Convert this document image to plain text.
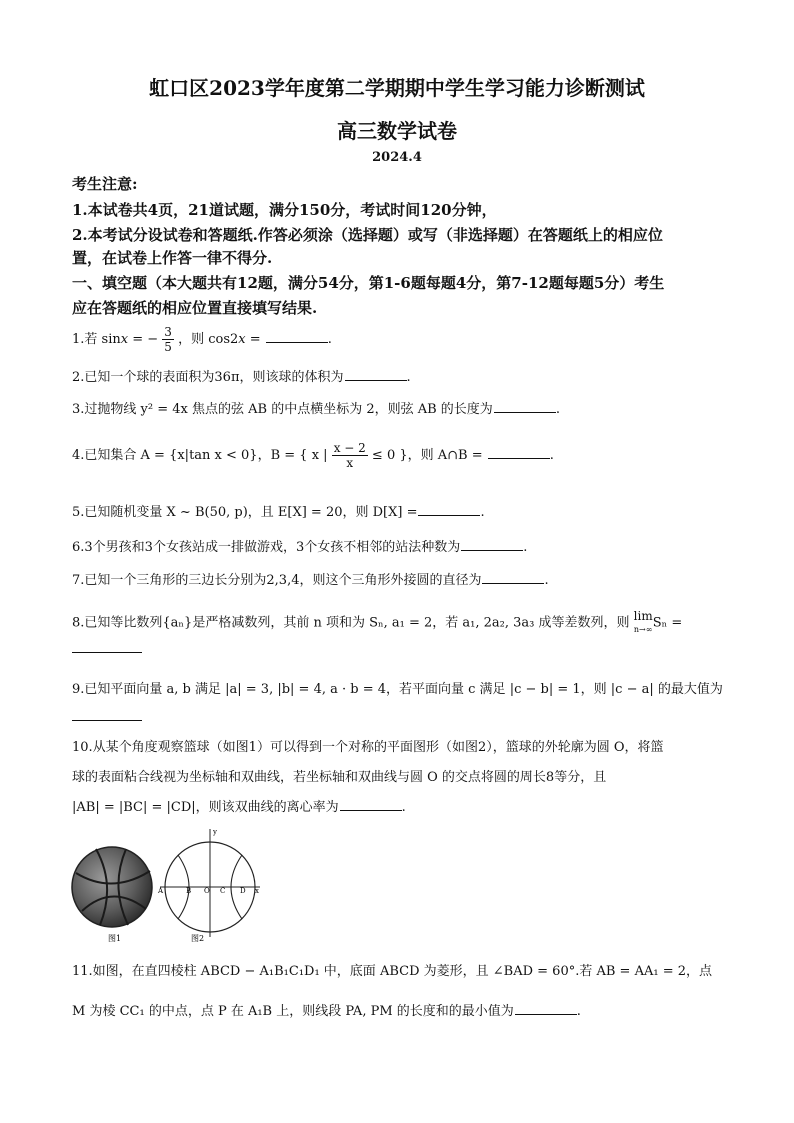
虹口区2023学年度第二学期期中学生学习能力诊断测试
高三数学试卷
2024.4
考生注意:
1.本试卷共4页，21道试题，满分150分，考试时间120分钟，
2.本考试分设试卷和答题纸.作答必须涂（选择题）或写（非选择题）在答题纸上的相应位
置，在试卷上作答一律不得分.
一、填空题（本大题共有12题，满分54分，第1-6题每题4分，第7-12题每题5分）考生
应在答题纸的相应位置直接填写结果.
1.若 sinx = − $\frac{3}{5}$ ，则 cos2x =	.
2.已知一个球的表面积为36π，则该球的体积为	.
3.过抛物线 y² = 4x 焦点的弦 AB 的中点横坐标为 2，则弦 AB 的长度为	.
4.已知集合 A = {x|tan x < 0}，B = { x | $\frac{x - 2}{x} \le 0$ }，则 A∩B =	.
5.已知随机变量 X ~ B(50, p)，且 E[X] = 20，则 D[X] =	.
6.3个男孩和3个女孩站成一排做游戏，3个女孩不相邻的站法种数为	.
7.已知一个三角形的三边长分别为2,3,4，则这个三角形外接圆的直径为	.
8.已知等比数列{aₙ}是严格减数列，其前 n 项和为 Sₙ, a₁ = 2，若 a₁, 2a₂, 3a₃ 成等差数列，则 lim
n→∞ Sₙ =
9.已知平面向量 a, b 满足 |a| = 3, |b| = 4, a · b = 4，若平面向量 c 满足 |c − b| = 1，则 |c − a| 的最大值为
10.从某个角度观察篮球（如图1）可以得到一个对称的平面图形（如图2），篮球的外轮廓为圆 O，将篮
球的表面粘合线视为坐标轴和双曲线，若坐标轴和双曲线与圆 O 的交点将圆的周长8等分，且
|AB| = |BC| = |CD|，则该双曲线的离心率为	.
y
x
A	B O C D
图1	图2
11.如图，在直四棱柱 ABCD − A₁B₁C₁D₁ 中，底面 ABCD 为菱形，且 ∠BAD = 60°.若 AB = AA₁ = 2，点
M 为棱 CC₁ 的中点，点 P 在 A₁B 上，则线段 PA, PM 的长度和的最小值为	.
